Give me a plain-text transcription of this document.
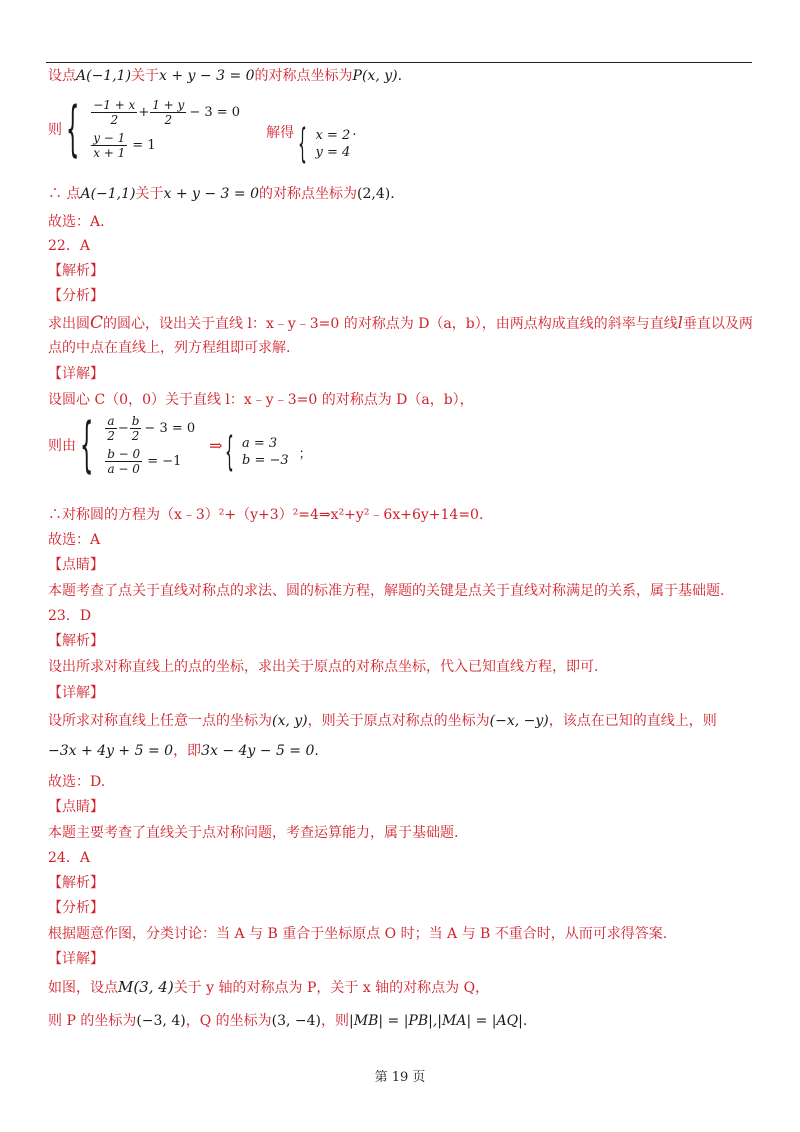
设点A(−1,1)关于x + y − 3 = 0的对称点坐标为P(x, y).
则 { $\frac{-1 + x}{2} + \frac{1 + y}{2} - 3 = 0$
$\frac{y - 1}{x + 1} = 1$
解得 { x = 2
y = 4
.
∴ 点A(−1,1)关于x + y − 3 = 0的对称点坐标为(2,4).
故选：A.
22．A
【解析】
【分析】
求出圆C的圆心，设出关于直线 l：x﹣y﹣3=0 的对称点为 D（a，b），由两点构成直线的斜率与直线l垂直以及两
点的中点在直线上，列方程组即可求解.
【详解】
设圆心 C（0，0）关于直线 l：x﹣y﹣3=0 的对称点为 D（a，b），
则由 { $\frac{a}{2} - \frac{b}{2} - 3 = 0$
$\frac{b - 0}{a - 0} = -1$
⇒ { a = 3
b = −3 ；
∴对称圆的方程为（x﹣3）²+（y+3）²=4⇒x²+y²﹣6x+6y+14=0.
故选：A
【点睛】
本题考查了点关于直线对称点的求法、圆的标准方程，解题的关键是点关于直线对称满足的关系，属于基础题.
23．D
【解析】
设出所求对称直线上的点的坐标，求出关于原点的对称点坐标，代入已知直线方程，即可.
【详解】
设所求对称直线上任意一点的坐标为(x, y)，则关于原点对称点的坐标为(−x, −y)，该点在已知的直线上，则
−3x + 4y + 5 = 0，即3x − 4y − 5 = 0.
故选：D.
【点睛】
本题主要考查了直线关于点对称问题，考查运算能力，属于基础题.
24．A
【解析】
【分析】
根据题意作图，分类讨论：当 A 与 B 重合于坐标原点 O 时；当 A 与 B 不重合时，从而可求得答案.
【详解】
如图，设点M(3, 4)关于 y 轴的对称点为 P，关于 x 轴的对称点为 Q，
则 P 的坐标为(−3, 4)，Q 的坐标为(3, −4)，则|MB| = |PB|,|MA| = |AQ|.
第 19 页
